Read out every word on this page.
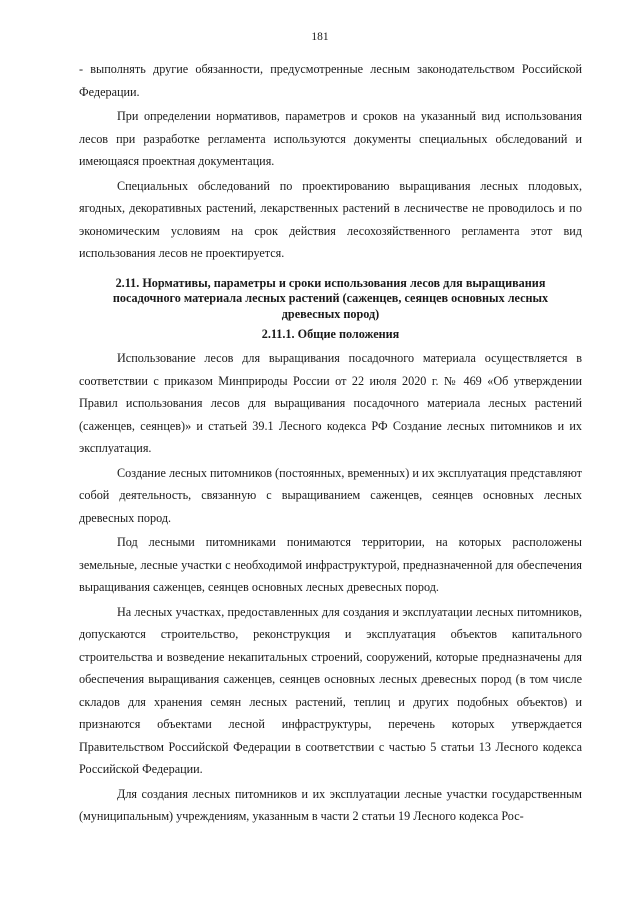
181

- выполнять другие обязанности, предусмотренные лесным законодательством Российской Федерации.

При определении нормативов, параметров и сроков на указанный вид использования лесов при разработке регламента используются документы специальных обследований и имеющаяся проектная документация.

Специальных обследований по проектированию выращивания лесных плодовых, ягодных, декоративных растений, лекарственных растений в лесничестве не проводилось и по экономическим условиям на срок действия лесохозяйственного регламента этот вид использования лесов не проектируется.

2.11. Нормативы, параметры и сроки использования лесов для выращивания
посадочного материала лесных растений (саженцев, сеянцев основных лесных
древесных пород)
2.11.1. Общие положения

Использование лесов для выращивания посадочного материала осуществляется в соответствии с приказом Минприроды России от 22 июля 2020 г. № 469 «Об утверждении Правил использования лесов для выращивания посадочного материала лесных растений (саженцев, сеянцев)» и статьей 39.1 Лесного кодекса РФ Создание лесных питомников и их эксплуатация.

Создание лесных питомников (постоянных, временных) и их эксплуатация представляют собой деятельность, связанную с выращиванием саженцев, сеянцев основных лесных древесных пород.

Под лесными питомниками понимаются территории, на которых расположены земельные, лесные участки с необходимой инфраструктурой, предназначенной для обеспечения выращивания саженцев, сеянцев основных лесных древесных пород.

На лесных участках, предоставленных для создания и эксплуатации лесных питомников, допускаются строительство, реконструкция и эксплуатация объектов капитального строительства и возведение некапитальных строений, сооружений, которые предназначены для обеспечения выращивания саженцев, сеянцев основных лесных древесных пород (в том числе складов для хранения семян лесных растений, теплиц и других подобных объектов) и признаются объектами лесной инфраструктуры, перечень которых утверждается Правительством Российской Федерации в соответствии с частью 5 статьи 13 Лесного кодекса Российской Федерации.

Для создания лесных питомников и их эксплуатации лесные участки государственным (муниципальным) учреждениям, указанным в части 2 статьи 19 Лесного кодекса Рос-
